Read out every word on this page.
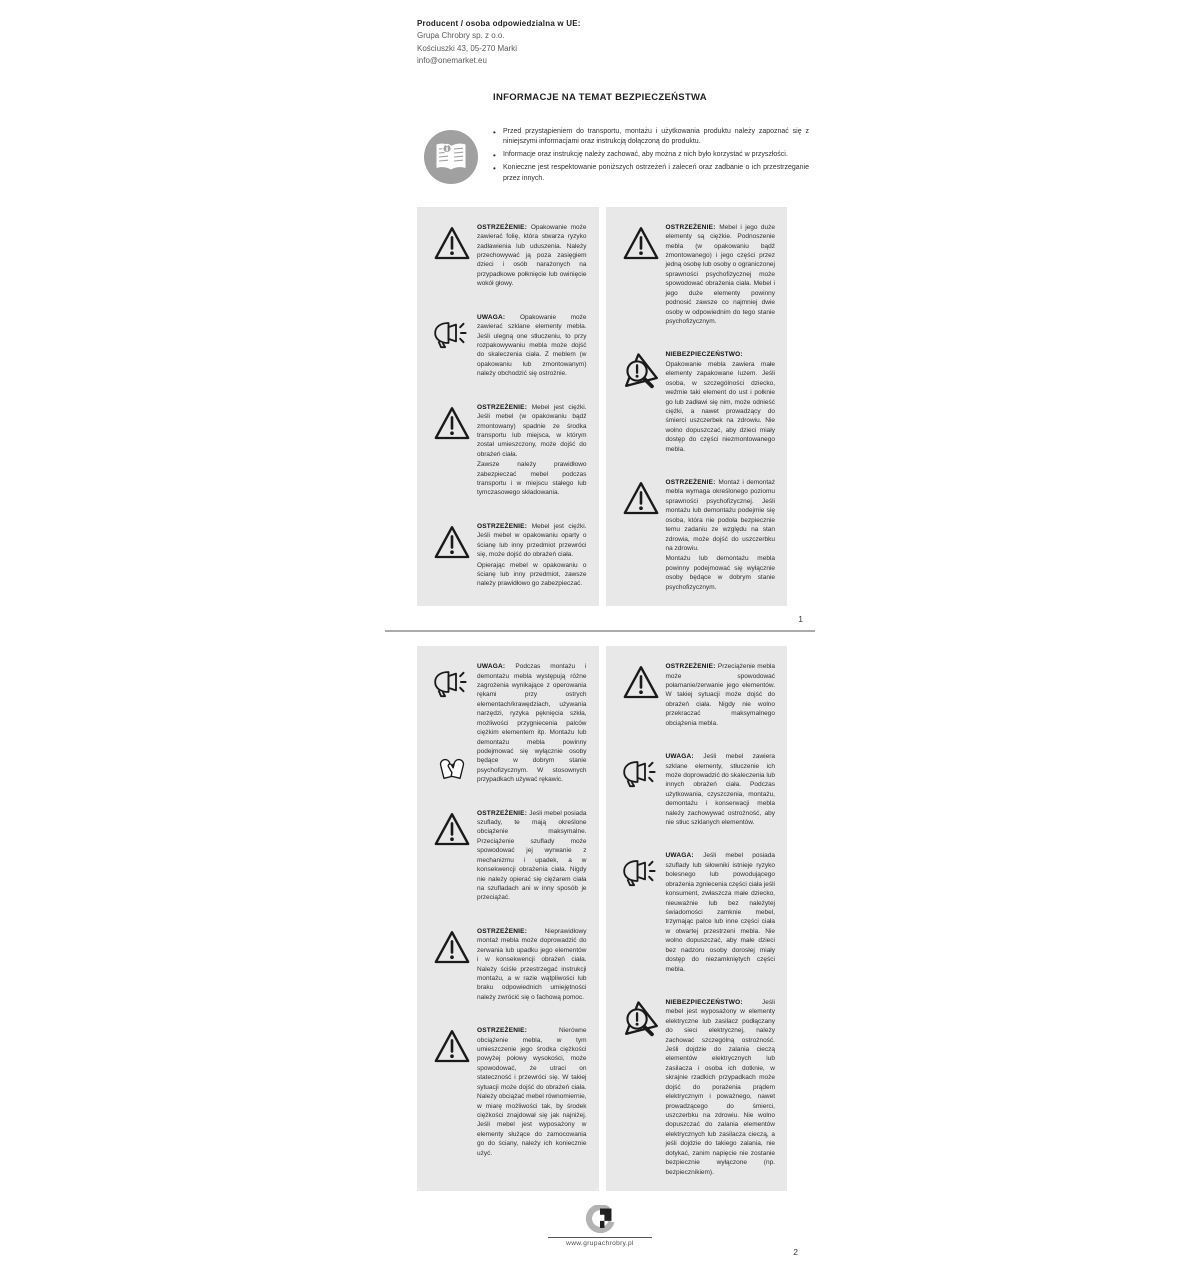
Producent / osoba odpowiedzialna w UE:
Grupa Chrobry sp. z o.o.
Kościuszki 43, 05-270 Marki
info@onemarket.eu
INFORMACJE NA TEMAT BEZPIECZEŃSTWA
• Przed przystąpieniem do transportu, montażu i użytkowania produktu należy zapoznać się z niniejszymi informacjami oraz instrukcją dołączoną do produktu.
• Informacje oraz instrukcję należy zachować, aby można z nich było korzystać w przyszłości.
• Konieczne jest respektowanie poniższych ostrzeżeń i zaleceń oraz zadbanie o ich przestrzeganie przez innych.

OSTRZEŻENIE: Opakowanie może zawierać folię, która stwarza ryzyko zadławienia lub uduszenia. Należy przechowywać ją poza zasięgiem dzieci i osób narażonych na przypadkowe połknięcie lub owinięcie wokół głowy.

UWAGA: Opakowanie może zawierać szklane elementy mebla. Jeśli ulegną one stłuczeniu, to przy rozpakowywaniu mebla może dojść do skaleczenia ciała. Z meblem (w opakowaniu lub zmontowanym) należy obchodzić się ostrożnie.

OSTRZEŻENIE: Mebel jest ciężki. Jeśli mebel (w opakowaniu bądź zmontowany) spadnie ze środka transportu lub miejsca, w którym został umieszczony, może dojść do obrażeń ciała.

Zawsze należy prawidłowo zabezpieczać mebel podczas transportu i w miejscu stałego lub tymczasowego składowania.

OSTRZEŻENIE: Mebel jest ciężki. Jeśli mebel w opakowaniu oparty o ścianę lub inny przedmiot przewróci się, może dojść do obrażeń ciała.

Opierając mebel w opakowaniu o ścianę lub inny przedmiot, zawsze należy prawidłowo go zabezpieczać.

OSTRZEŻENIE: Mebel i jego duże elementy są ciężkie. Podnoszenie mebla (w opakowaniu bądź zmontowanego) i jego części przez jedną osobę lub osoby o ograniczonej sprawności psychofizycznej może spowodować obrażenia ciała. Mebel i jego duże elementy powinny podnosić zawsze co najmniej dwie osoby w odpowiednim do tego stanie psychofizycznym.

NIEBEZPIECZEŃSTWO: Opakowanie mebla zawiera małe elementy zapakowane luzem. Jeśli osoba, w szczególności dziecko, weźmie taki element do ust i połknie go lub zadławi się nim, może odnieść ciężki, a nawet prowadzący do śmierci uszczerbek na zdrowiu. Nie wolno dopuszczać, aby dzieci miały dostęp do części niezmontowanego mebla.

OSTRZEŻENIE: Montaż i demontaż mebla wymaga określonego poziomu sprawności psychofizycznej. Jeśli montażu lub demontażu podejmie się osoba, która nie podoła bezpiecznie temu zadaniu ze względu na stan zdrowia, może dojść do uszczerbku na zdrowiu.

Montażu lub demontażu mebla powinny podejmować się wyłącznie osoby będące w dobrym stanie psychofizycznym.

1

UWAGA: Podczas montażu i demontażu mebla występują różne zagrożenia wynikające z operowania rękami przy ostrych elementach/krawędziach, używania narzędzi, ryzyka pęknięcia szkła, możliwości przygniecenia palców ciężkim elementem itp. Montażu lub demontażu mebla powinny podejmować się wyłącznie osoby będące w dobrym stanie psychofizycznym. W stosownych przypadkach używać rękawic.

OSTRZEŻENIE: Jeśli mebel posiada szuflady, te mają określone obciążenie maksymalne. Przeciążenie szuflady może spowodować jej wyrwanie z mechanizmu i upadek, a w konsekwencji obrażenia ciała. Nigdy nie należy opierać się ciężarem ciała na szufladach ani w inny sposób je przeciążać.

OSTRZEŻENIE: Nieprawidłowy montaż mebla może doprowadzić do zerwania lub upadku jego elementów i w konsekwencji obrażeń ciała. Należy ściśle przestrzegać instrukcji montażu, a w razie wątpliwości lub braku odpowiednich umiejętności należy zwrócić się o fachową pomoc.

OSTRZEŻENIE: Nierówne obciążenie mebla, w tym umieszczenie jego środka ciężkości powyżej połowy wysokości, może spowodować, że utraci on stateczność i przewróci się. W takiej sytuacji może dojść do obrażeń ciała. Należy obciążać mebel równomiernie, w miarę możliwości tak, by środek ciężkości znajdował się jak najniżej. Jeśli mebel jest wyposażony w elementy służące do zamocowania go do ściany, należy ich koniecznie użyć.

OSTRZEŻENIE: Przeciążenie mebla może spowodować połamanie/zerwanie jego elementów. W takiej sytuacji może dojść do obrażeń ciała. Nigdy nie wolno przekraczać maksymalnego obciążenia mebla.

UWAGA: Jeśli mebel zawiera szklane elementy, stłuczenie ich może doprowadzić do skaleczenia lub innych obrażeń ciała. Podczas użytkowania, czyszczenia, montażu, demontażu i konserwacji mebla należy zachowywać ostrożność, aby nie stłuc szklanych elementów.

UWAGA: Jeśli mebel posiada szuflady lub siłowniki istnieje ryzyko bolesnego lub powodującego obrażenia zgniecenia części ciała jeśli konsument, zwłaszcza małe dziecko, nieuważnie lub bez należytej świadomości zamknie mebel, trzymając palce lub inne części ciała w otwartej przestrzeni mebla. Nie wolno dopuszczać, aby małe dzieci bez nadzoru osoby dorosłej miały dostęp do niezamkniętych części mebla.

NIEBEZPIECZEŃSTWO: Jeśli mebel jest wyposażony w elementy elektryczne lub zasilacz podłączany do sieci elektrycznej, należy zachować szczególną ostrożność. Jeśli dojdzie do zalania cieczą elementów elektrycznych lub zasilacza i osoba ich dotknie, w skrajnie rzadkich przypadkach może dojść do porażenia prądem elektrycznym i poważnego, nawet prowadzącego do śmierci, uszczerbku na zdrowiu. Nie wolno dopuszczać do zalania elementów elektrycznych lub zasilacza cieczą, a jeśli dojdzie do takiego zalania, nie dotykać, zanim napięcie nie zostanie bezpiecznie wyłączone (np. bezpiecznikiem).

www.grupachrobry.pl
2
